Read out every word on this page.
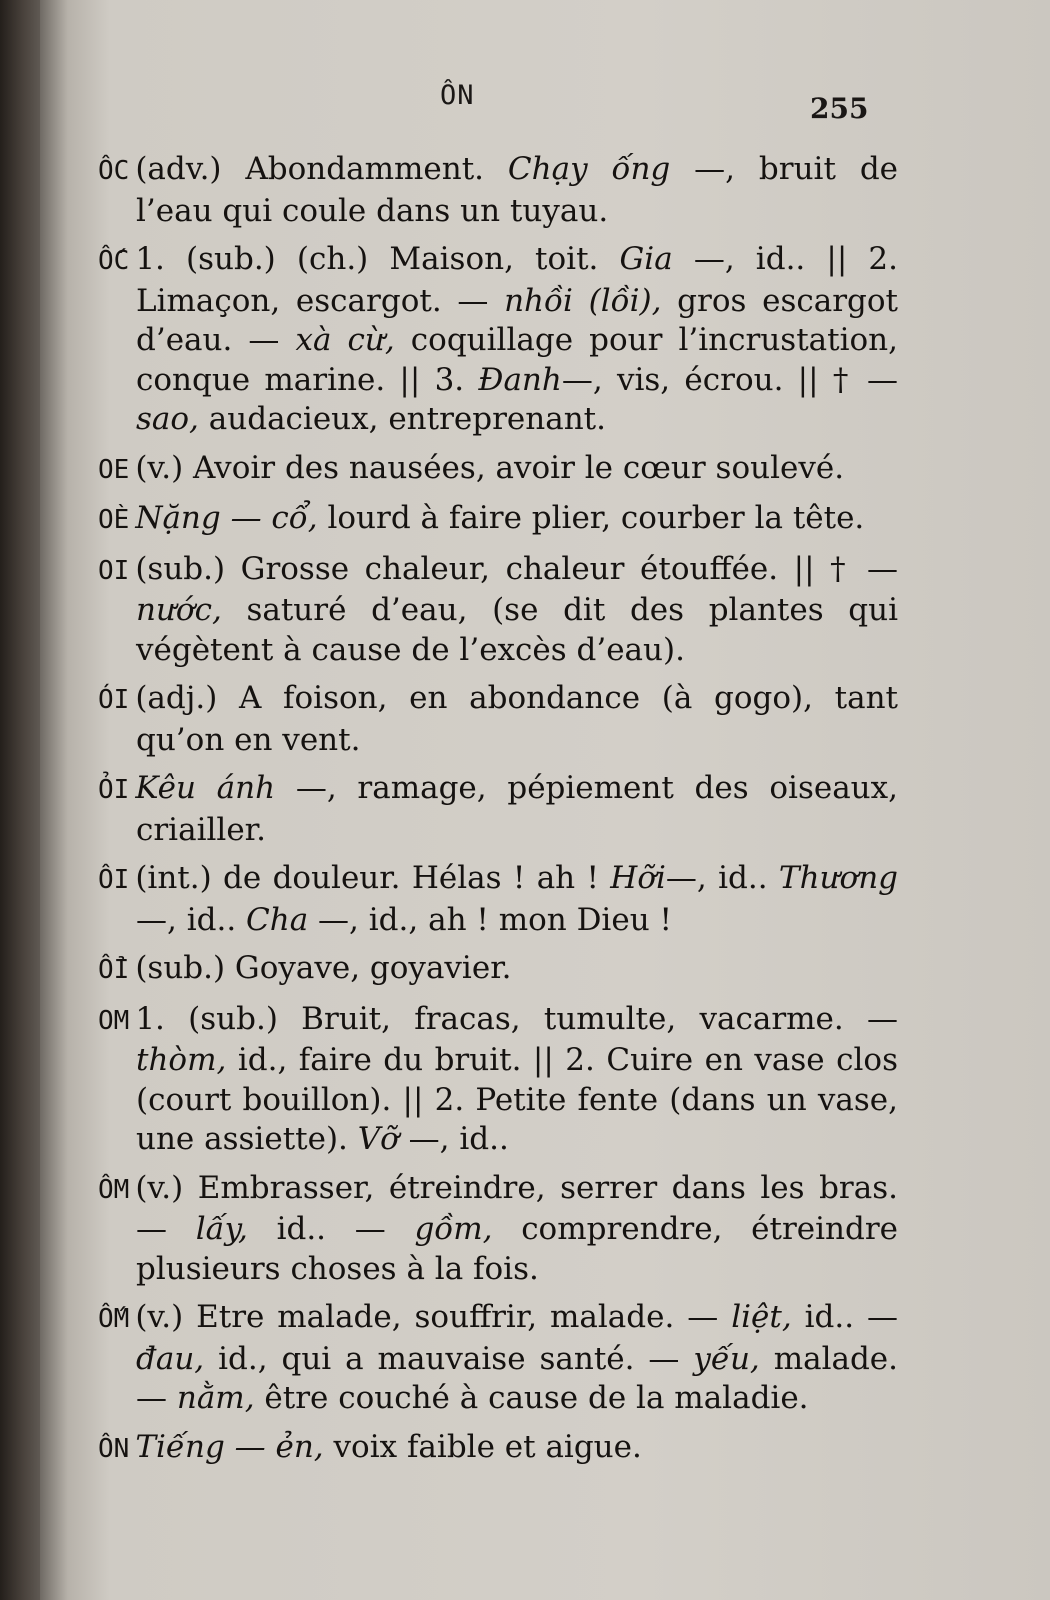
ÔN	255

ÔC (adv.) Abondamment. Chạy ống —, bruit de l’eau qui coule dans un tuyau.

ỐC 1. (sub.) (ch.) Maison, toit. Gia —, id.. || 2. Limaçon, escargot. — nhồi (lồi), gros escargot d’eau. — xà cừ, coquillage pour l’incrustation, conque marine. || 3. Đanh—, vis, écrou. || † — sao, audacieux, entreprenant.

OE (v.) Avoir des nausées, avoir le cœur soulevé.

OÈ Nặng — cổ, lourd à faire plier, courber la tête.

OI (sub.) Grosse chaleur, chaleur étouffée. || † — nước, saturé d’eau, (se dit des plantes qui végètent à cause de l’excès d’eau).

ÓI (adj.) A foison, en abondance (à gogo), tant qu’on en vent.

ỎI Kêu ánh —, ramage, pépiement des oiseaux, criailler.

ÔI (int.) de douleur. Hélas ! ah ! Hỡi—, id.. Thương —, id.. Cha —, id., ah ! mon Dieu !

ỔI (sub.) Goyave, goyavier.

OM 1. (sub.) Bruit, fracas, tumulte, vacarme. — thòm, id., faire du bruit. || 2. Cuire en vase clos (court bouillon). || 2. Petite fente (dans un vase, une assiette). Vỡ —, id..

ÔM (v.) Embrasser, étreindre, serrer dans les bras. — lấy, id.. — gồm, comprendre, étreindre plusieurs choses à la fois.

ỐM (v.) Etre malade, souffrir, malade. — liệt, id.. — đau, id., qui a mauvaise santé. — yếu, malade. — nằm, être couché à cause de la maladie.

ÔN Tiếng — ẻn, voix faible et aigue.
